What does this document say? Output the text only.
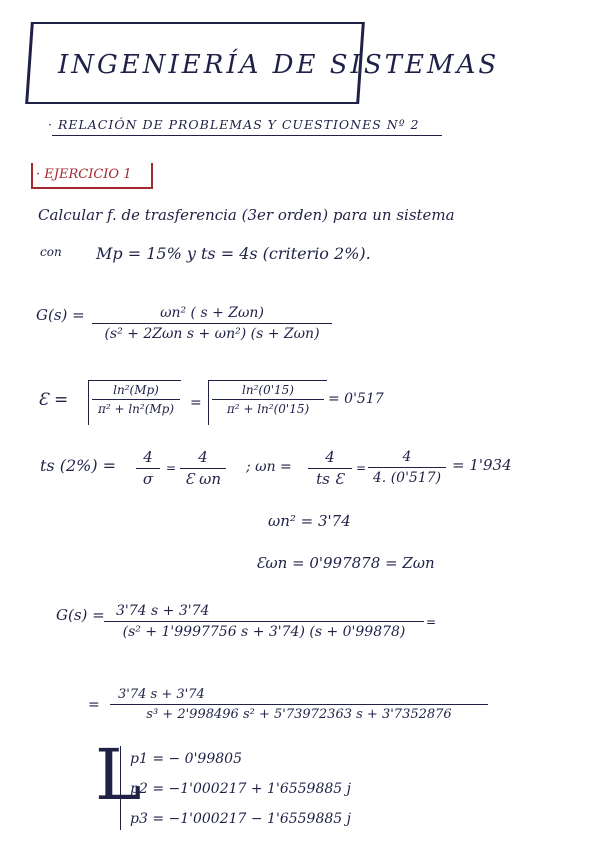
INGENIERÍA DE SISTEMAS
· RELACIÓN DE PROBLEMAS Y CUESTIONES Nº 2
· EJERCICIO 1
Calcular f. de trasferencia (3er orden) para un sistema
con Mp = 15% y ts = 4s (criterio 2%).
G(s) =	ωn² ( s + Zωn)
(s² + 2Zωn s + ωn²) (s + Zωn)
Ɛ =	ln²(Mp)
π² + ln²(Mp)	=
ln²(0'15)
π² + ln²(0'15)
= 0'517
ts (2%) =	4
σ
=
4
Ɛ ωn
; ωn =
4
ts Ɛ
=
4
4. (0'517)
= 1'934
ωn² = 3'74
Ɛωn = 0'997878 = Zωn
G(s) = 3'74 s + 3'74
(s² + 1'9997756 s + 3'74) (s + 0'99878)
=
=
3'74 s + 3'74
s³ + 2'998496 s² + 5'73972363 s + 3'7352876
L
p1 = − 0'99805
p2 = −1'000217 + 1'6559885 j
p3 = −1'000217 − 1'6559885 j
